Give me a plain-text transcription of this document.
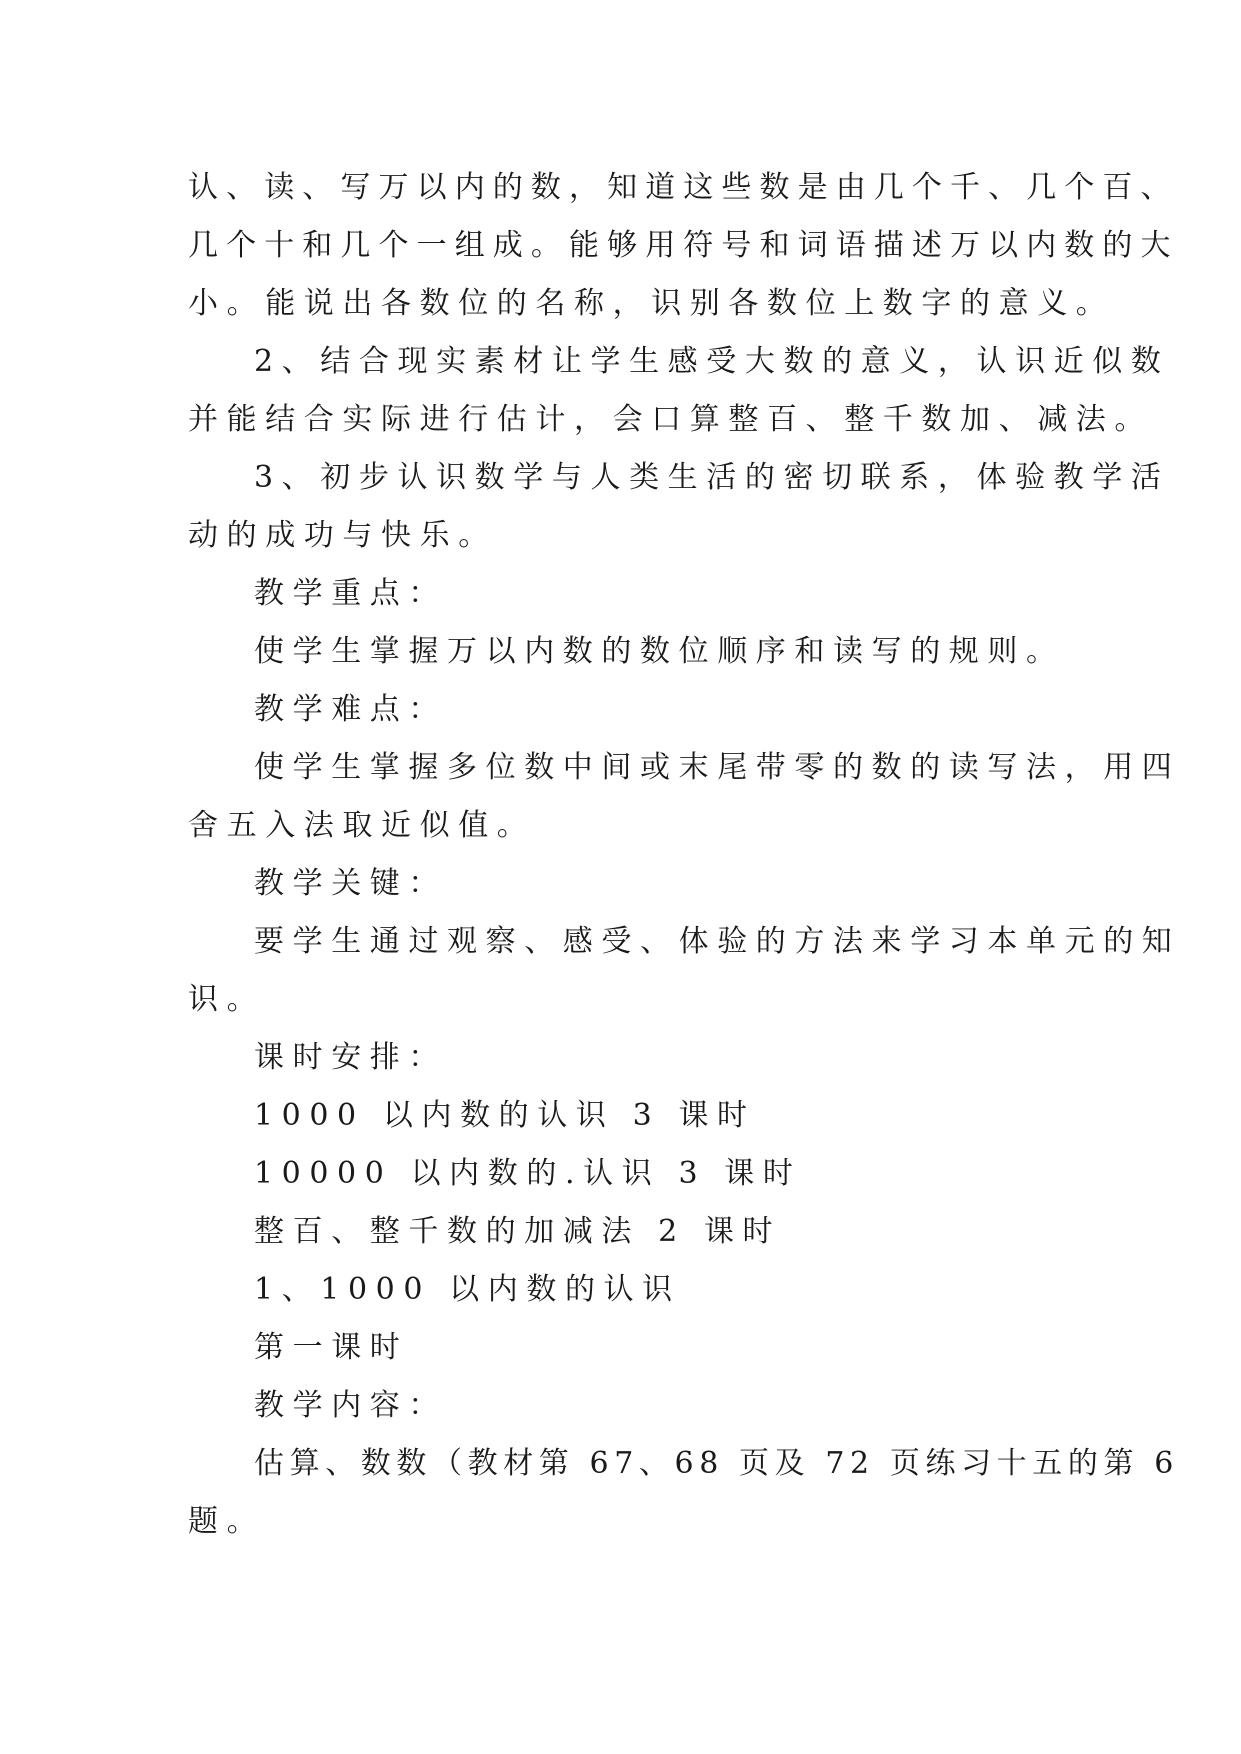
认、读、写万以内的数，知道这些数是由几个千、几个百、
几个十和几个一组成。能够用符号和词语描述万以内数的大
小。能说出各数位的名称，识别各数位上数字的意义。
2、结合现实素材让学生感受大数的意义，认识近似数
并能结合实际进行估计，会口算整百、整千数加、减法。
3、初步认识数学与人类生活的密切联系，体验教学活
动的成功与快乐。
教学重点：
使学生掌握万以内数的数位顺序和读写的规则。
教学难点：
使学生掌握多位数中间或末尾带零的数的读写法，用四
舍五入法取近似值。
教学关键：
要学生通过观察、感受、体验的方法来学习本单元的知
识。
课时安排：
1000 以内数的认识 3 课时
10000 以内数的.认识 3 课时
整百、整千数的加减法 2 课时
1、1000 以内数的认识
第一课时
教学内容：
估算、数数（教材第 67、68 页及 72 页练习十五的第 6
题。
